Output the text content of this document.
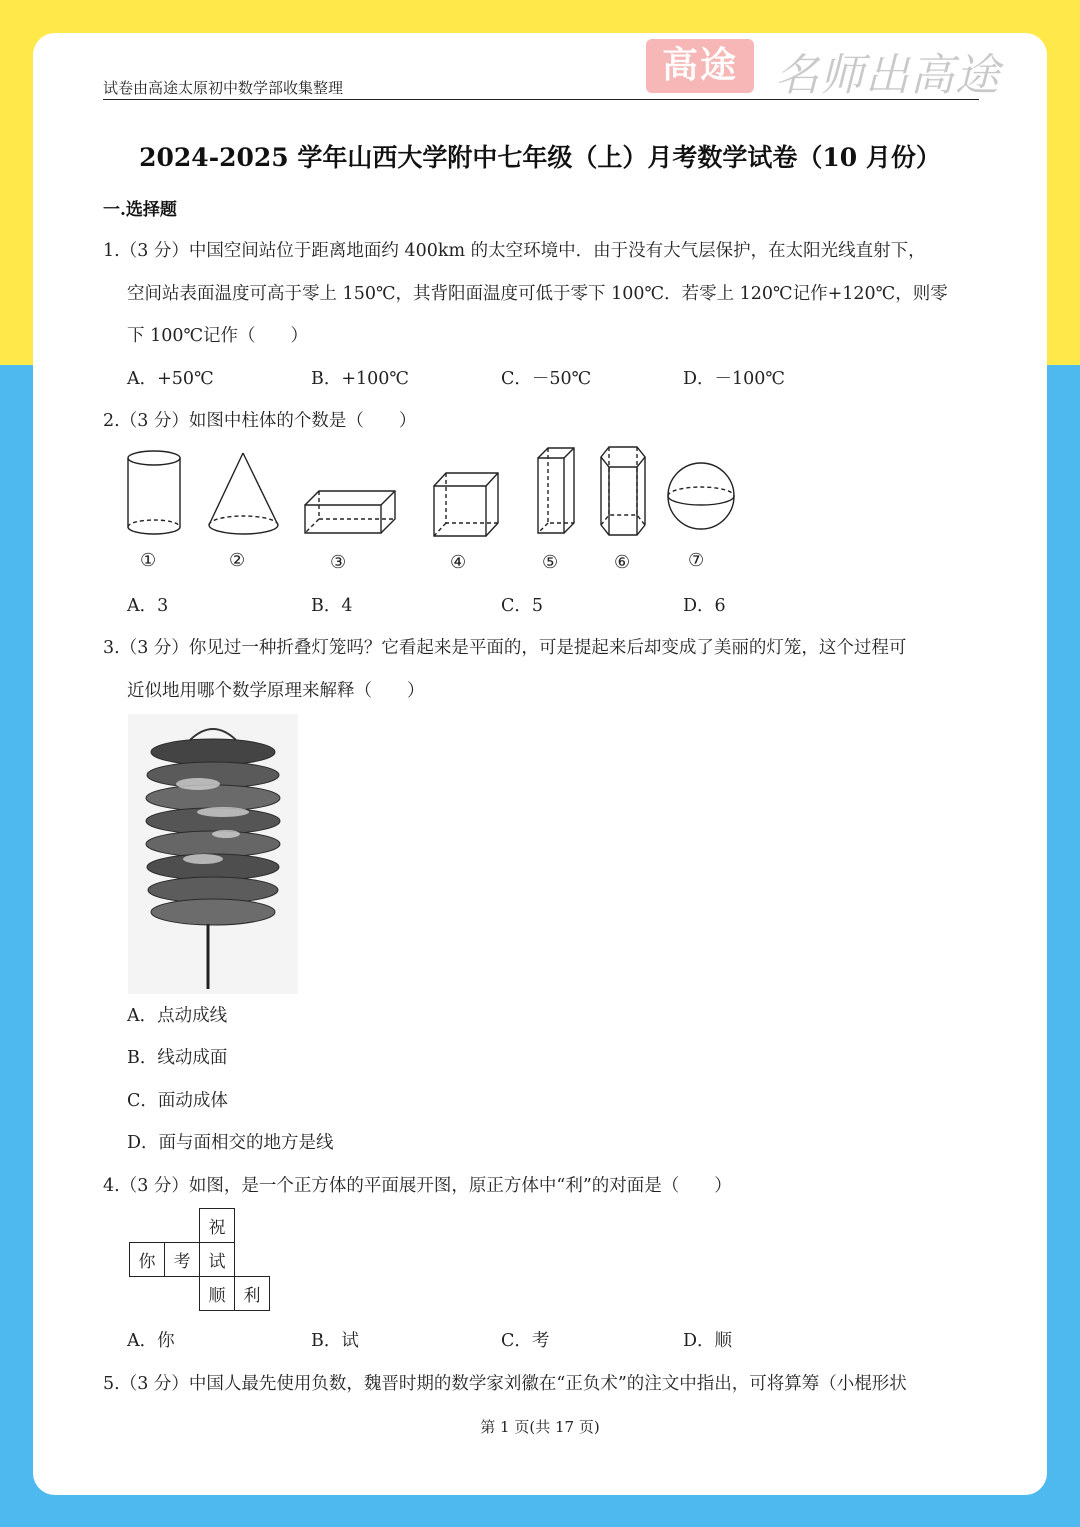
试卷由高途太原初中数学部收集整理
高途 名师出高途
2024-2025 学年山西大学附中七年级（上）月考数学试卷（10 月份）
一.选择题
1.（3 分）中国空间站位于距离地面约 400km 的太空环境中．由于没有大气层保护，在太阳光线直射下，
空间站表面温度可高于零上 150℃，其背阳面温度可低于零下 100℃．若零上 120℃记作+120℃，则零
下 100℃记作（　　）
A．+50℃	B．+100℃	C．－50℃	D．－100℃
2.（3 分）如图中柱体的个数是（　　）
①	②	③	④	⑤	⑥	⑦
A．3	B．4	C．5	D．6
3.（3 分）你见过一种折叠灯笼吗？它看起来是平面的，可是提起来后却变成了美丽的灯笼，这个过程可
近似地用哪个数学原理来解释（　　）
A．点动成线
B．线动成面
C．面动成体
D．面与面相交的地方是线
4.（3 分）如图，是一个正方体的平面展开图，原正方体中“利”的对面是（　　）
		祝	
你	考	试	
		顺	利
A．你	B．试	C．考	D．顺
5.（3 分）中国人最先使用负数，魏晋时期的数学家刘徽在“正负术”的注文中指出，可将算筹（小棍形状
第 1 页(共 17 页)
